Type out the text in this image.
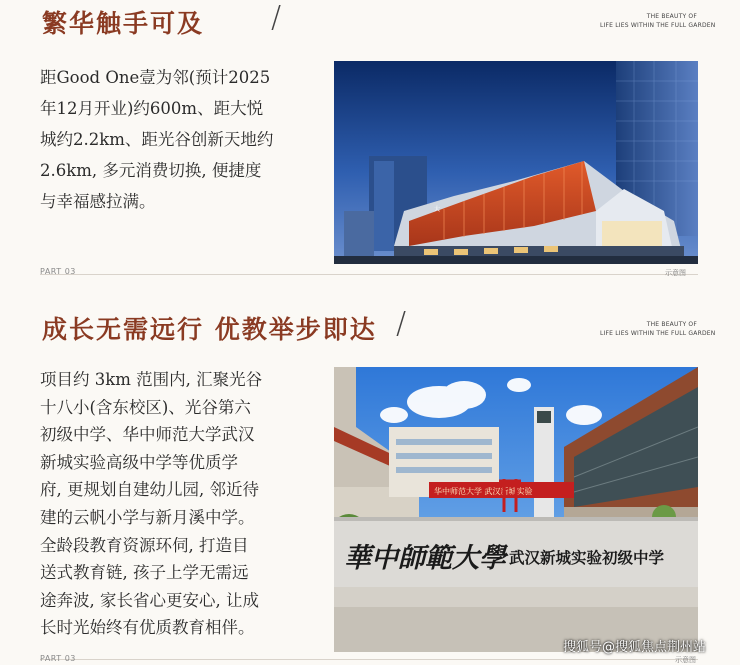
繁华触手可及 /	THE BEAUTY OF
LIFE LIES WITHIN THE FULL GARDEN
距Good One壹为邻(预计2025
年12月开业)约600m、距大悦
城约2.2km、距光谷创新天地约
2.6km, 多元消费切换, 便捷度
与幸福感拉满。	大
PART 03	示意图
成长无需远行 优教举步即达 /	THE BEAUTY OF
LIFE LIES WITHIN THE FULL GARDEN
项目约 3km 范围内, 汇聚光谷
十八小(含东校区)、光谷第六
初级中学、华中师范大学武汉
新城实验高级中学等优质学
府, 更规划自建幼儿园, 邻近待
建的云帆小学与新月溪中学。
全龄段教育资源环伺, 打造目
送式教育链, 孩子上学无需远
途奔波, 家长省心更安心, 让成
长时光始终有优质教育相伴。
华中师范大学 武汉新城实验
華中師範大學 武汉新城实验初级中学
搜狐号@搜狐焦点荆州站
PART 03	示意图
